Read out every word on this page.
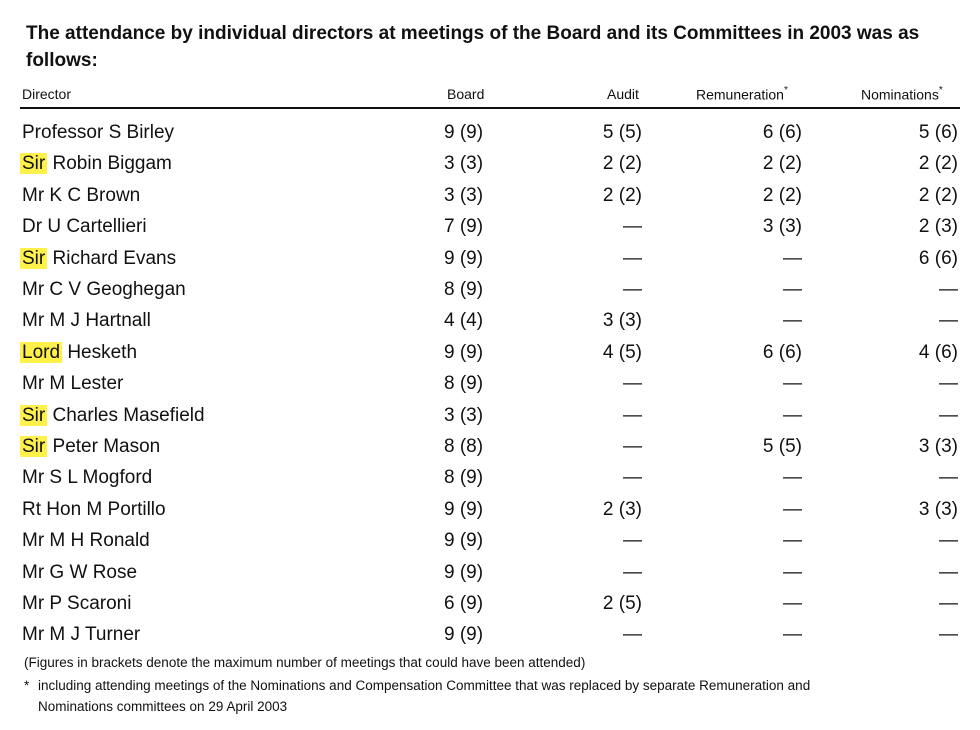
The attendance by individual directors at meetings of the Board and its Committees in 2003 was as follows:
Director	Board	Audit	Remuneration*	Nominations*
Professor S Birley	9 (9)	5 (5)	6 (6)	5 (6)
Sir Robin Biggam	3 (3)	2 (2)	2 (2)	2 (2)
Mr K C Brown	3 (3)	2 (2)	2 (2)	2 (2)
Dr U Cartellieri	7 (9)	—	3 (3)	2 (3)
Sir Richard Evans	9 (9)	—	—	6 (6)
Mr C V Geoghegan	8 (9)	—	—	—
Mr M J Hartnall	4 (4)	3 (3)	—	—
Lord Hesketh	9 (9)	4 (5)	6 (6)	4 (6)
Mr M Lester	8 (9)	—	—	—
Sir Charles Masefield	3 (3)	—	—	—
Sir Peter Mason	8 (8)	—	5 (5)	3 (3)
Mr S L Mogford	8 (9)	—	—	—
Rt Hon M Portillo	9 (9)	2 (3)	—	3 (3)
Mr M H Ronald	9 (9)	—	—	—
Mr G W Rose	9 (9)	—	—	—
Mr P Scaroni	6 (9)	2 (5)	—	—
Mr M J Turner	9 (9)	—	—	—
(Figures in brackets denote the maximum number of meetings that could have been attended)
* including attending meetings of the Nominations and Compensation Committee that was replaced by separate Remuneration and
Nominations committees on 29 April 2003
